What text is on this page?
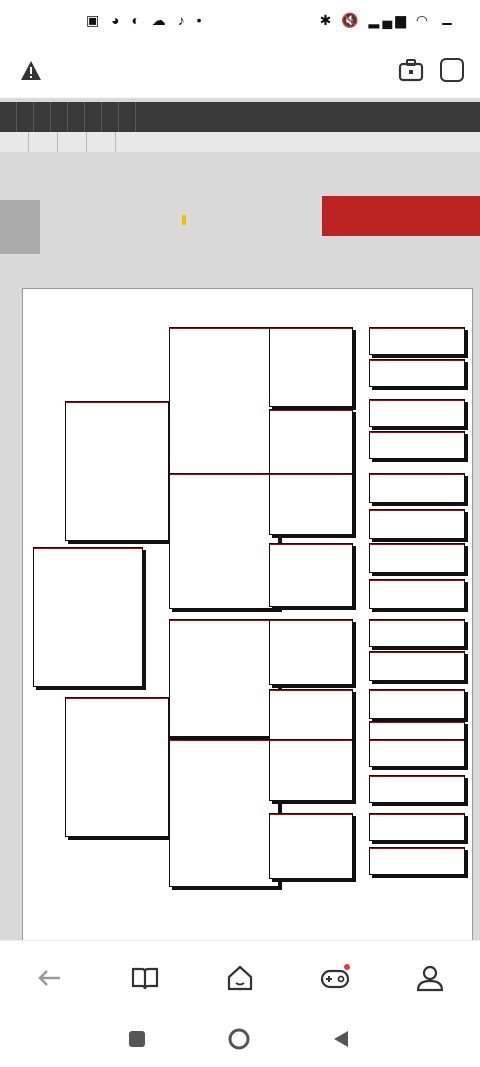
▣ ◕ ◐ ☁ ♪ •	✱ 🔇 ▂▄▆ ◠
